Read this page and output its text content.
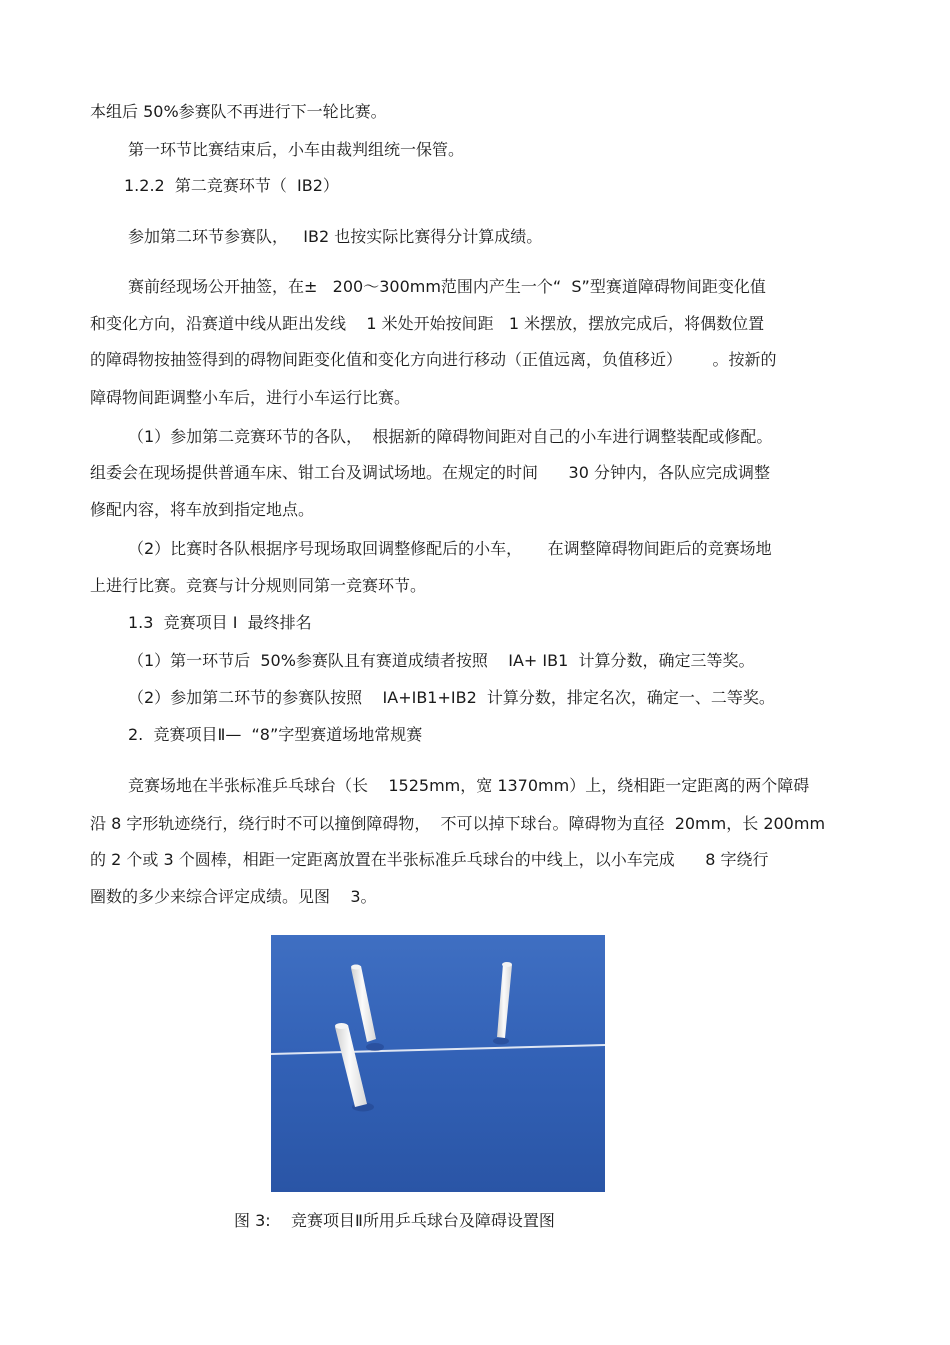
本组后 50%参赛队不再进行下一轮比赛。
第一环节比赛结束后，小车由裁判组统一保管。
1.2.2  第二竞赛环节（  IB2）
参加第二环节参赛队，   IB2 也按实际比赛得分计算成绩。
赛前经现场公开抽签，在±   200～300mm范围内产生一个“  S”型赛道障碍物间距变化值
和变化方向，沿赛道中线从距出发线    1 米处开始按间距   1 米摆放，摆放完成后，将偶数位置
的障碍物按抽签得到的碍物间距变化值和变化方向进行移动（正值远离，负值移近）      。按新的
障碍物间距调整小车后，进行小车运行比赛。
（1）参加第二竞赛环节的各队，  根据新的障碍物间距对自己的小车进行调整装配或修配。
组委会在现场提供普通车床、钳工台及调试场地。在规定的时间      30 分钟内，各队应完成调整
修配内容，将车放到指定地点。
（2）比赛时各队根据序号现场取回调整修配后的小车，     在调整障碍物间距后的竞赛场地
上进行比赛。竞赛与计分规则同第一竞赛环节。
1.3  竞赛项目 I  最终排名
（1）第一环节后  50%参赛队且有赛道成绩者按照    IA+ IB1  计算分数，确定三等奖。
（2）参加第二环节的参赛队按照    IA+IB1+IB2  计算分数，排定名次，确定一、二等奖。
2.  竞赛项目Ⅱ—  “8”字型赛道场地常规赛
竞赛场地在半张标准乒乓球台（长    1525mm，宽 1370mm）上，绕相距一定距离的两个障碍
沿 8 字形轨迹绕行，绕行时不可以撞倒障碍物，  不可以掉下球台。障碍物为直径  20mm，长 200mm
的 2 个或 3 个圆棒，相距一定距离放置在半张标准乒乓球台的中线上，以小车完成      8 字绕行
圈数的多少来综合评定成绩。见图    3。
图 3:    竞赛项目Ⅱ所用乒乓球台及障碍设置图
